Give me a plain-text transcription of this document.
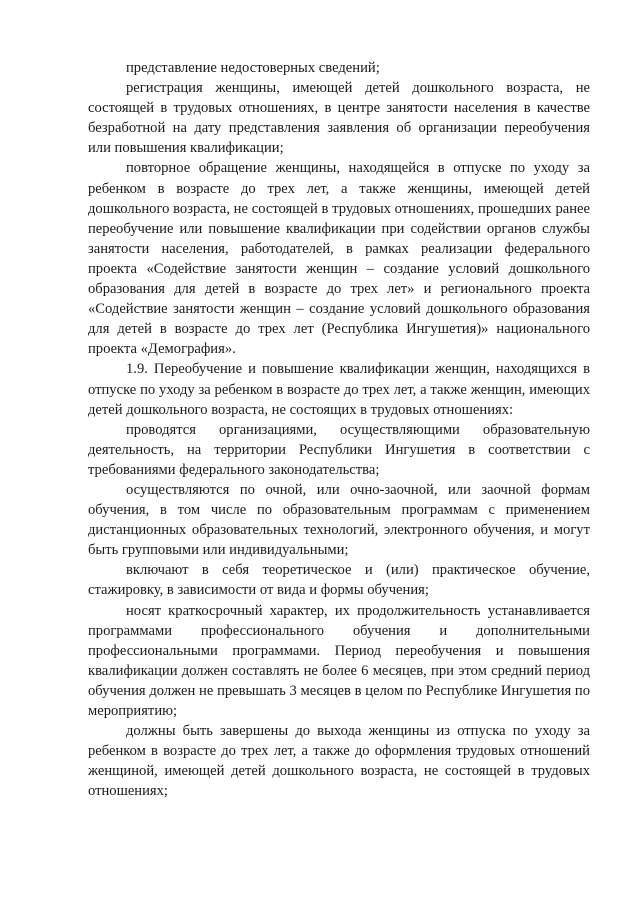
представление недостоверных сведений;

регистрация женщины, имеющей детей дошкольного возраста, не состоящей в трудовых отношениях, в центре занятости населения в качестве безработной на дату представления заявления об организации переобучения или повышения квалификации;

повторное обращение женщины, находящейся в отпуске по уходу за ребенком в возрасте до трех лет, а также женщины, имеющей детей дошкольного возраста, не состоящей в трудовых отношениях, прошедших ранее переобучение или повышение квалификации при содействии органов службы занятости населения, работодателей, в рамках реализации федерального проекта «Содействие занятости женщин – создание условий дошкольного образования для детей в возрасте до трех лет» и регионального проекта «Содействие занятости женщин – создание условий дошкольного образования для детей в возрасте до трех лет (Республика Ингушетия)» национального проекта «Демография».

1.9. Переобучение и повышение квалификации женщин, находящихся в отпуске по уходу за ребенком в возрасте до трех лет, а также женщин, имеющих детей дошкольного возраста, не состоящих в трудовых отношениях:

проводятся организациями, осуществляющими образовательную деятельность, на территории Республики Ингушетия в соответствии с требованиями федерального законодательства;

осуществляются по очной, или очно-заочной, или заочной формам обучения, в том числе по образовательным программам с применением дистанционных образовательных технологий, электронного обучения, и могут быть групповыми или индивидуальными;

включают в себя теоретическое и (или) практическое обучение, стажировку, в зависимости от вида и формы обучения;

носят краткосрочный характер, их продолжительность устанавливается программами профессионального обучения и дополнительными профессиональными программами. Период переобучения и повышения квалификации должен составлять не более 6 месяцев, при этом средний период обучения должен не превышать 3 месяцев в целом по Республике Ингушетия по мероприятию;

должны быть завершены до выхода женщины из отпуска по уходу за ребенком в возрасте до трех лет, а также до оформления трудовых отношений женщиной, имеющей детей дошкольного возраста, не состоящей в трудовых отношениях;
